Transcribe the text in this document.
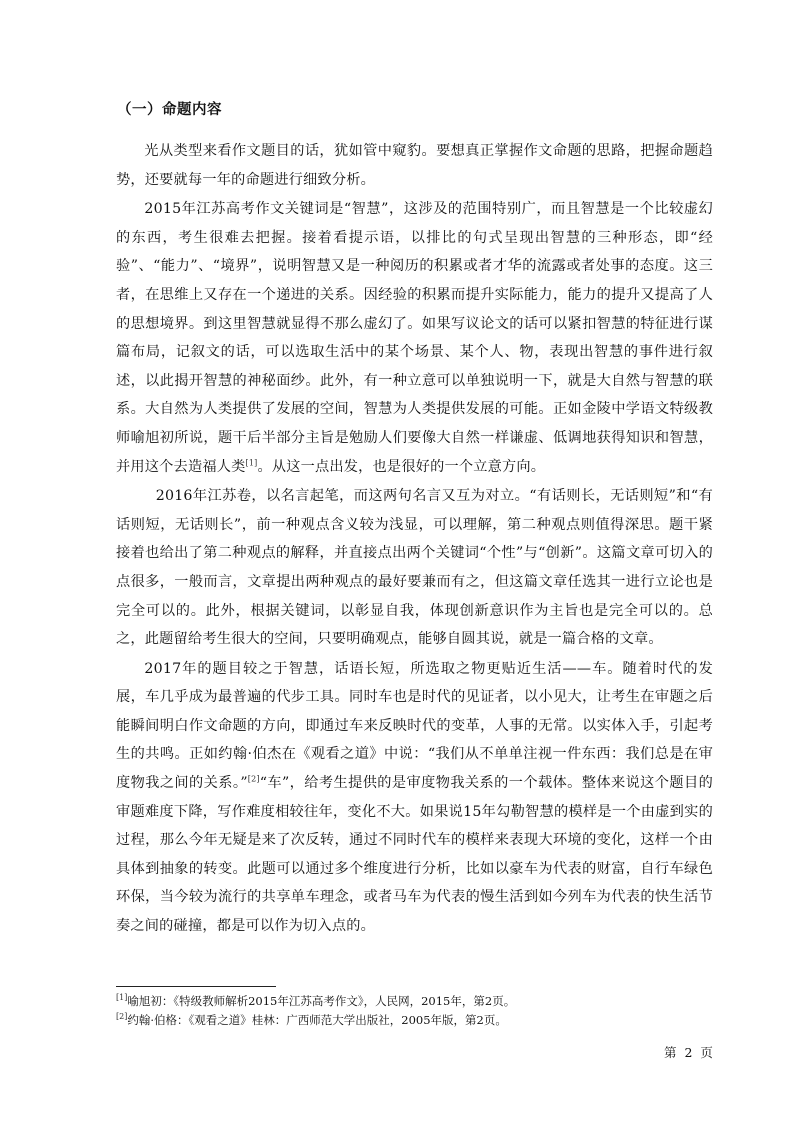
（一）命题内容

光从类型来看作文题目的话，犹如管中窥豹。要想真正掌握作文命题的思路，把握命题趋势，还要就每一年的命题进行细致分析。

2015年江苏高考作文关键词是“智慧”，这涉及的范围特别广，而且智慧是一个比较虚幻的东西，考生很难去把握。接着看提示语，以排比的句式呈现出智慧的三种形态，即“经验”、“能力”、“境界”，说明智慧又是一种阅历的积累或者才华的流露或者处事的态度。这三者，在思维上又存在一个递进的关系。因经验的积累而提升实际能力，能力的提升又提高了人的思想境界。到这里智慧就显得不那么虚幻了。如果写议论文的话可以紧扣智慧的特征进行谋篇布局，记叙文的话，可以选取生活中的某个场景、某个人、物，表现出智慧的事件进行叙述，以此揭开智慧的神秘面纱。此外，有一种立意可以单独说明一下，就是大自然与智慧的联系。大自然为人类提供了发展的空间，智慧为人类提供发展的可能。正如金陵中学语文特级教师喻旭初所说，题干后半部分主旨是勉励人们要像大自然一样谦虚、低调地获得知识和智慧，并用这个去造福人类[1]。从这一点出发，也是很好的一个立意方向。

2016年江苏卷，以名言起笔，而这两句名言又互为对立。“有话则长，无话则短”和“有话则短，无话则长”，前一种观点含义较为浅显，可以理解，第二种观点则值得深思。题干紧接着也给出了第二种观点的解释，并直接点出两个关键词“个性”与“创新”。这篇文章可切入的点很多，一般而言，文章提出两种观点的最好要兼而有之，但这篇文章任选其一进行立论也是完全可以的。此外，根据关键词，以彰显自我，体现创新意识作为主旨也是完全可以的。总之，此题留给考生很大的空间，只要明确观点，能够自圆其说，就是一篇合格的文章。

2017年的题目较之于智慧，话语长短，所选取之物更贴近生活——车。随着时代的发展，车几乎成为最普遍的代步工具。同时车也是时代的见证者，以小见大，让考生在审题之后能瞬间明白作文命题的方向，即通过车来反映时代的变革，人事的无常。以实体入手，引起考生的共鸣。正如约翰·伯杰在《观看之道》中说：“我们从不单单注视一件东西：我们总是在审度物我之间的关系。”[2]“车”，给考生提供的是审度物我关系的一个载体。整体来说这个题目的审题难度下降，写作难度相较往年，变化不大。如果说15年勾勒智慧的模样是一个由虚到实的过程，那么今年无疑是来了次反转，通过不同时代车的模样来表现大环境的变化，这样一个由具体到抽象的转变。此题可以通过多个维度进行分析，比如以豪车为代表的财富，自行车绿色环保，当今较为流行的共享单车理念，或者马车为代表的慢生活到如今列车为代表的快生活节奏之间的碰撞，都是可以作为切入点的。

[1]喻旭初：《特级教师解析2015年江苏高考作文》，人民网，2015年，第2页。

[2]约翰·伯格：《观看之道》桂林：广西师范大学出版社，2005年版，第2页。

第 2 页
